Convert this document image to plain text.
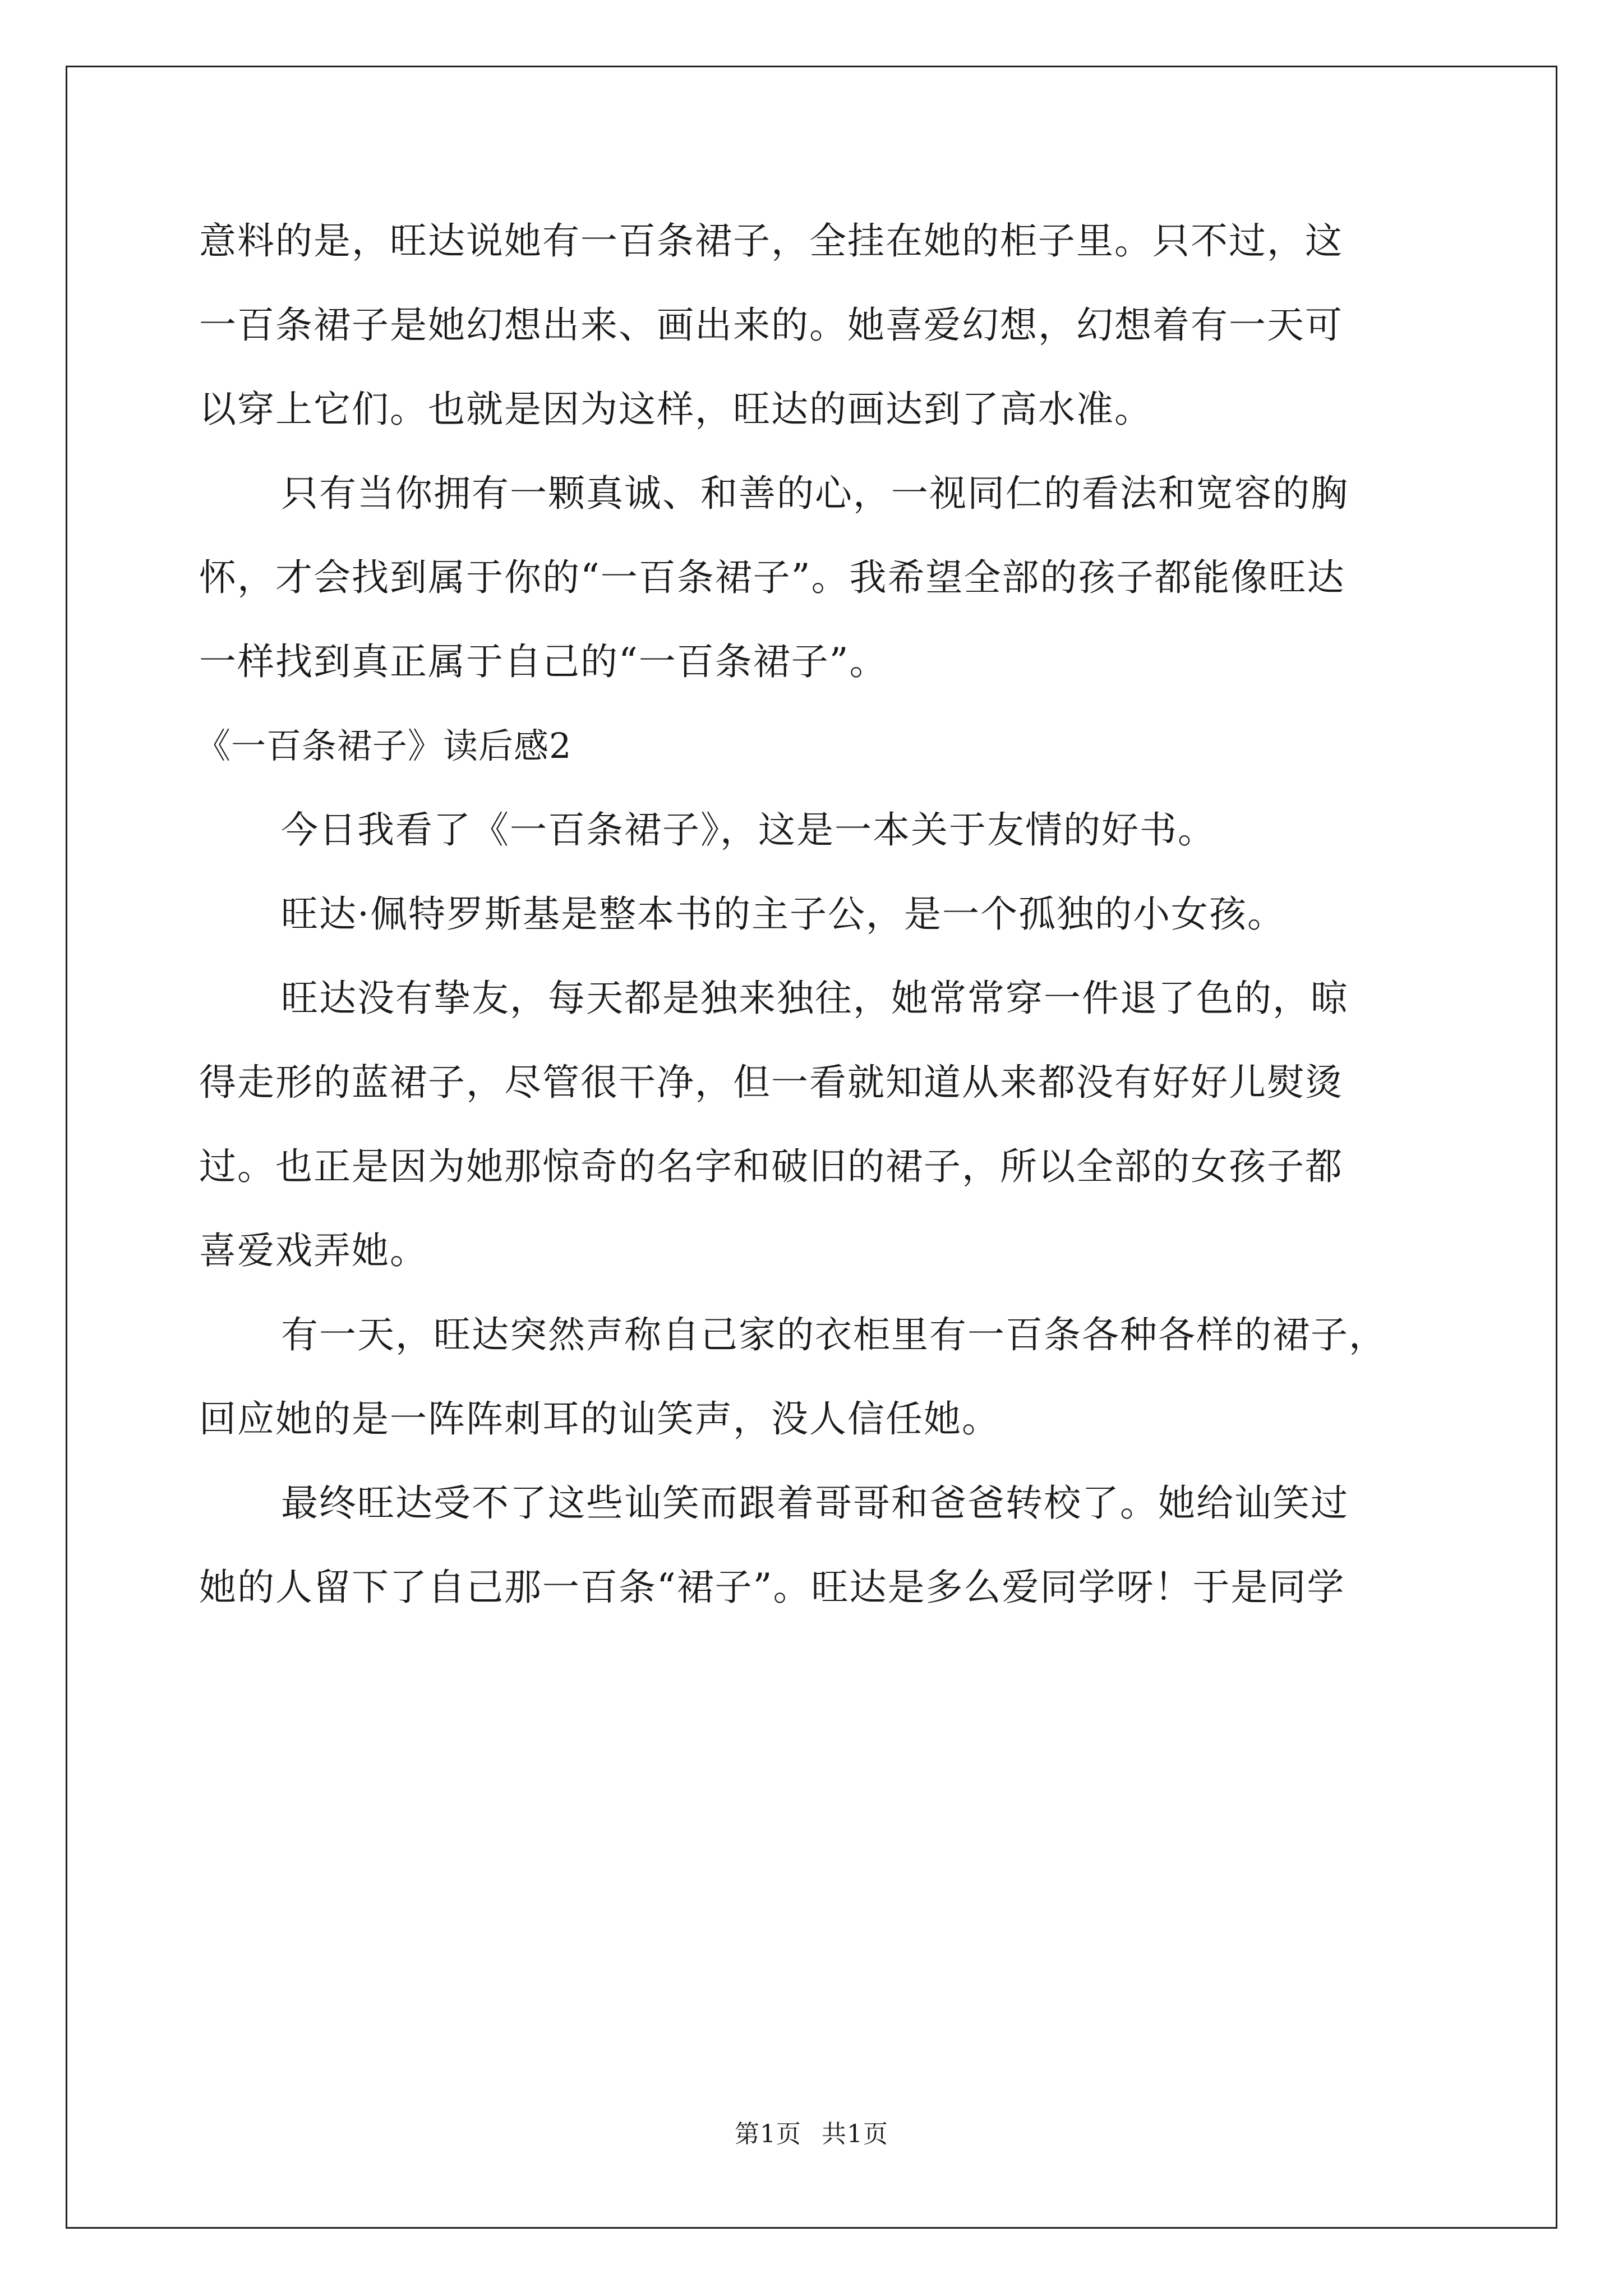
意料的是，旺达说她有一百条裙子，全挂在她的柜子里。只不过，这

一百条裙子是她幻想出来、画出来的。她喜爱幻想，幻想着有一天可

以穿上它们。也就是因为这样，旺达的画达到了高水准。

只有当你拥有一颗真诚、和善的心，一视同仁的看法和宽容的胸

怀，才会找到属于你的“一百条裙子”。我希望全部的孩子都能像旺达

一样找到真正属于自己的“一百条裙子”。

《一百条裙子》读后感2

今日我看了《一百条裙子》，这是一本关于友情的好书。

旺达·佩特罗斯基是整本书的主子公，是一个孤独的小女孩。

旺达没有挚友，每天都是独来独往，她常常穿一件退了色的，晾

得走形的蓝裙子，尽管很干净，但一看就知道从来都没有好好儿熨烫

过。也正是因为她那惊奇的名字和破旧的裙子，所以全部的女孩子都

喜爱戏弄她。

有一天，旺达突然声称自己家的衣柜里有一百条各种各样的裙子，

回应她的是一阵阵刺耳的讪笑声，没人信任她。

最终旺达受不了这些讪笑而跟着哥哥和爸爸转校了。她给讪笑过

她的人留下了自己那一百条“裙子”。旺达是多么爱同学呀！于是同学

第1页 共1页
